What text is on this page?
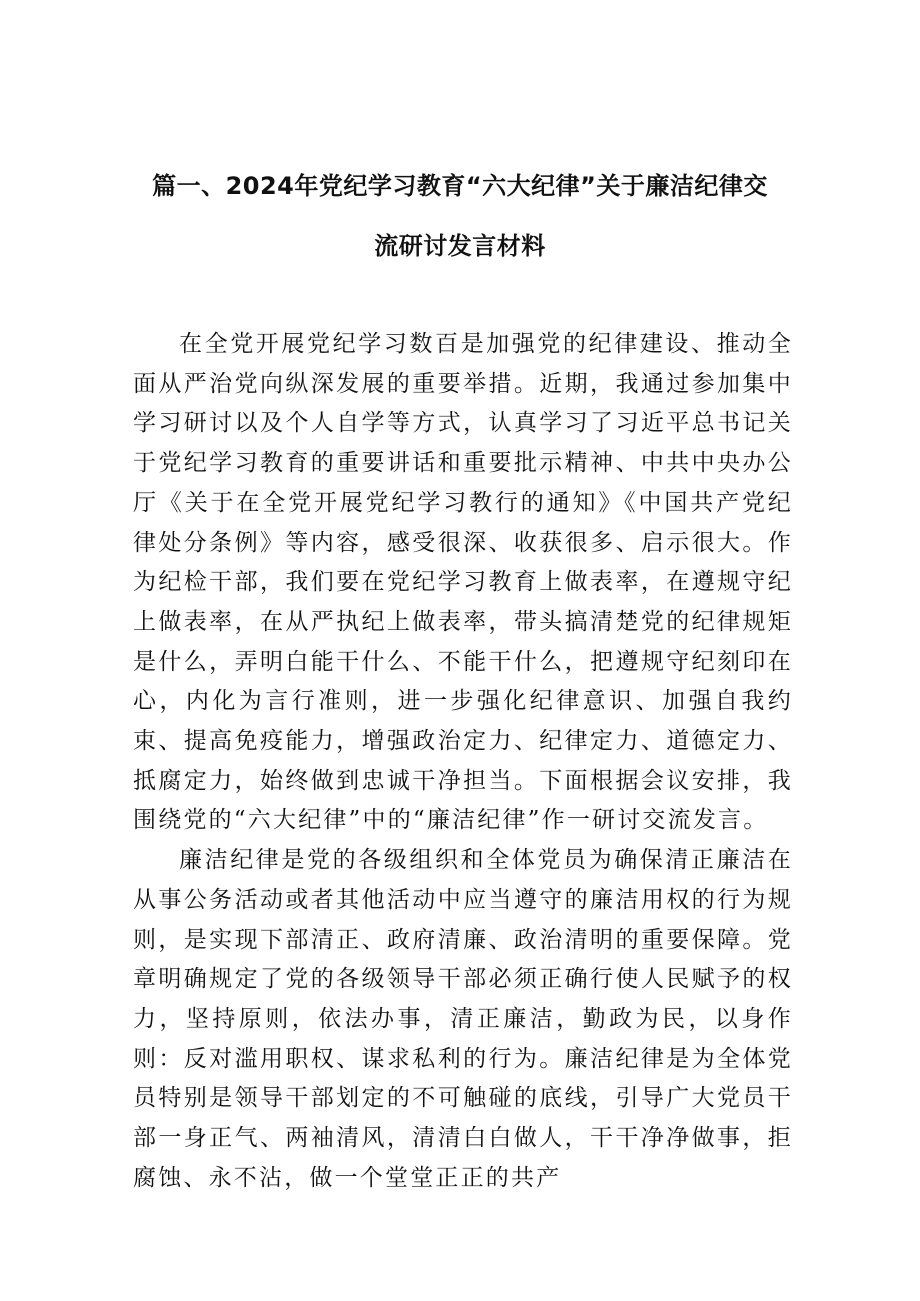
篇一、2024年党纪学习教育“六大纪律”关于廉洁纪律交
流研讨发言材料

在全党开展党纪学习数百是加强党的纪律建设、推动全面从严治党向纵深发展的重要举措。近期，我通过参加集中学习研讨以及个人自学等方式，认真学习了习近平总书记关于党纪学习教育的重要讲话和重要批示精神、中共中央办公厅《关于在全党开展党纪学习教行的通知》《中国共产党纪律处分条例》等内容，感受很深、收获很多、启示很大。作为纪检干部，我们要在党纪学习教育上做表率，在遵规守纪上做表率，在从严执纪上做表率，带头搞清楚党的纪律规矩是什么，弄明白能干什么、不能干什么，把遵规守纪刻印在心，内化为言行准则，进一步强化纪律意识、加强自我约束、提高免疫能力，增强政治定力、纪律定力、道德定力、抵腐定力，始终做到忠诚干净担当。下面根据会议安排，我围绕党的“六大纪律”中的“廉洁纪律”作一研讨交流发言。

廉洁纪律是党的各级组织和全体党员为确保清正廉洁在从事公务活动或者其他活动中应当遵守的廉洁用权的行为规则，是实现下部清正、政府清廉、政治清明的重要保障。党章明确规定了党的各级领导干部必须正确行使人民赋予的权力，坚持原则，依法办事，清正廉洁，勤政为民，以身作则：反对滥用职权、谋求私利的行为。廉洁纪律是为全体党员特别是领导干部划定的不可触碰的底线，引导广大党员干部一身正气、两袖清风，清清白白做人，干干净净做事，拒腐蚀、永不沾，做一个堂堂正正的共产
